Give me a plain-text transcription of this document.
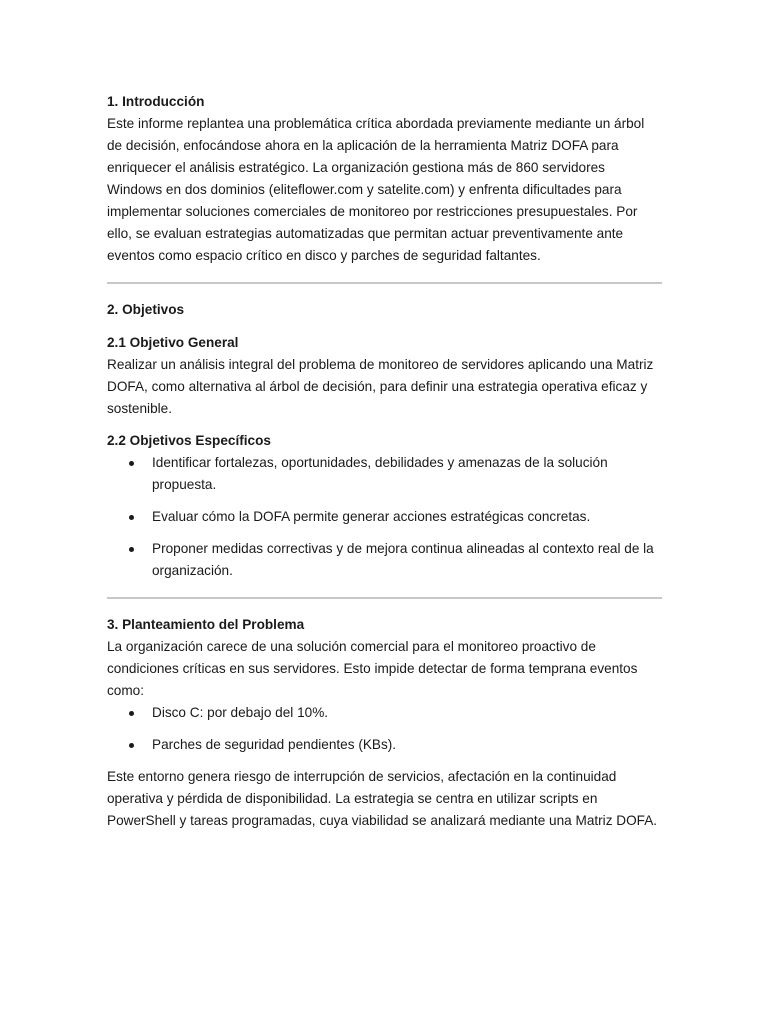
1. Introducción

Este informe replantea una problemática crítica abordada previamente mediante un árbol de decisión, enfocándose ahora en la aplicación de la herramienta Matriz DOFA para enriquecer el análisis estratégico. La organización gestiona más de 860 servidores Windows en dos dominios (eliteflower.com y satelite.com) y enfrenta dificultades para implementar soluciones comerciales de monitoreo por restricciones presupuestales. Por ello, se evaluan estrategias automatizadas que permitan actuar preventivamente ante eventos como espacio crítico en disco y parches de seguridad faltantes.

2. Objetivos
2.1 Objetivo General

Realizar un análisis integral del problema de monitoreo de servidores aplicando una Matriz DOFA, como alternativa al árbol de decisión, para definir una estrategia operativa eficaz y sostenible.

2.2 Objetivos Específicos
Identificar fortalezas, oportunidades, debilidades y amenazas de la solución propuesta.
Evaluar cómo la DOFA permite generar acciones estratégicas concretas.
Proponer medidas correctivas y de mejora continua alineadas al contexto real de la organización.
3. Planteamiento del Problema

La organización carece de una solución comercial para el monitoreo proactivo de condiciones críticas en sus servidores. Esto impide detectar de forma temprana eventos como:

Disco C: por debajo del 10%.
Parches de seguridad pendientes (KBs).

Este entorno genera riesgo de interrupción de servicios, afectación en la continuidad operativa y pérdida de disponibilidad. La estrategia se centra en utilizar scripts en PowerShell y tareas programadas, cuya viabilidad se analizará mediante una Matriz DOFA.
